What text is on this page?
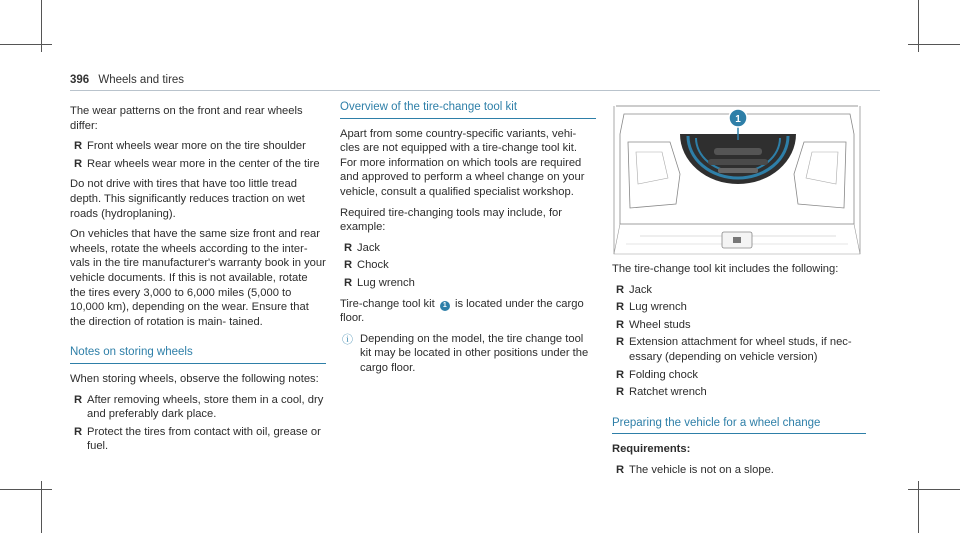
396 Wheels and tires

The wear patterns on the front and rear wheels differ:

R Front wheels wear more on the tire shoulder
R Rear wheels wear more in the center of the tire

Do not drive with tires that have too little tread depth. This significantly reduces traction on wet roads (hydroplaning).

On vehicles that have the same size front and rear wheels, rotate the wheels according to the inter- vals in the tire manufacturer's warranty book in your vehicle documents. If this is not available, rotate the tires every 3,000 to 6,000 miles (5,000 to 10,000 km), depending on the wear. Ensure that the direction of rotation is main- tained.

Notes on storing wheels

When storing wheels, observe the following notes:

R After removing wheels, store them in a cool, dry and preferably dark place.
R Protect the tires from contact with oil, grease or fuel.
Overview of the tire-change tool kit

Apart from some country-specific variants, vehi- cles are not equipped with a tire-change tool kit. For more information on which tools are required and approved to perform a wheel change on your vehicle, consult a qualified specialist workshop.

Required tire-changing tools may include, for example:

R Jack
R Chock
R Lug wrench

Tire-change tool kit 1 is located under the cargo floor.

ⓘ Depending on the model, the tire change tool kit may be located in other positions under the cargo floor.

1

The tire-change tool kit includes the following:

R Jack
R Lug wrench
R Wheel studs
R Extension attachment for wheel studs, if nec- essary (depending on vehicle version)
R Folding chock
R Ratchet wrench
Preparing the vehicle for a wheel change

Requirements:

R The vehicle is not on a slope.
